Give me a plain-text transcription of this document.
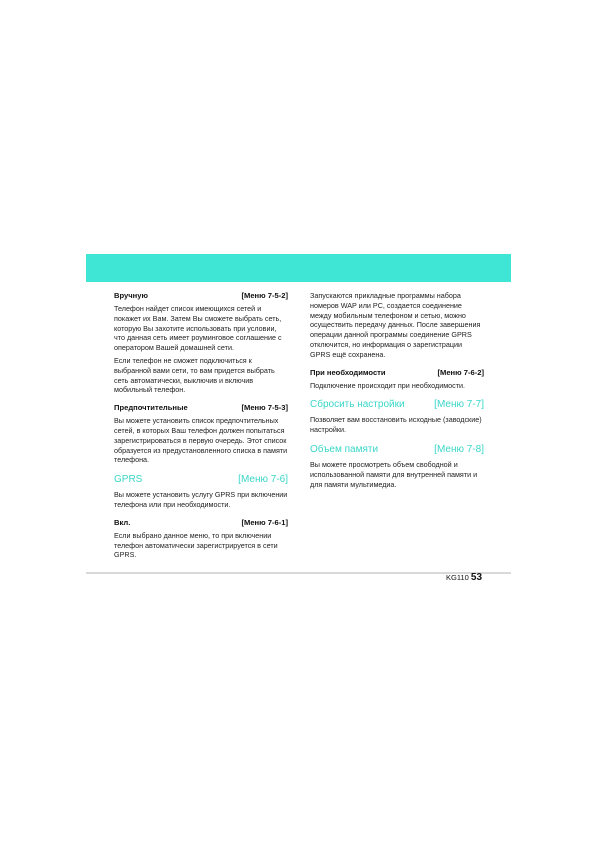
Вручную	[Меню 7-5-2]

Телефон найдет список имеющихся сетей и покажет их Вам. Затем Вы сможете выбрать сеть, которую Вы захотите использовать при условии, что данная сеть имеет роуминговое соглашение с оператором Вашей домашней сети.

Если телефон не сможет подключиться к выбранной вами сети, то вам придется выбрать сеть автоматически, выключив и включив мобильный телефон.

Предпочтительные	[Меню 7-5-3]

Вы можете установить список предпочтительных сетей, в которых Ваш телефон должен попытаться зарегистрироваться в первую очередь. Этот список образуется из предустановленного списка в памяти телефона.

GPRS	[Меню 7-6]

Вы можете установить услугу GPRS при включении телефона или при необходимости.

Вкл.	[Меню 7-6-1]

Если выбрано данное меню, то при включении телефон автоматически зарегистрируется в сети GPRS.

Запускаются прикладные программы набора номеров WAP или PC, создается соединение между мобильным телефоном и сетью, можно осуществить передачу данных. После завершения операции данной программы соединение GPRS отключится, но информация о зарегистрации GPRS ещё сохранена.

При необходимости	[Меню 7-6-2]

Подключение происходит при необходимости.

Сбросить настройки	[Меню 7-7]

Позволяет вам восстановить исходные (заводские) настройки.

Объем памяти	[Меню 7-8]

Вы можете просмотреть объем свободной и использованной памяти для внутренней памяти и для памяти мультимедиа.

KG110 53
